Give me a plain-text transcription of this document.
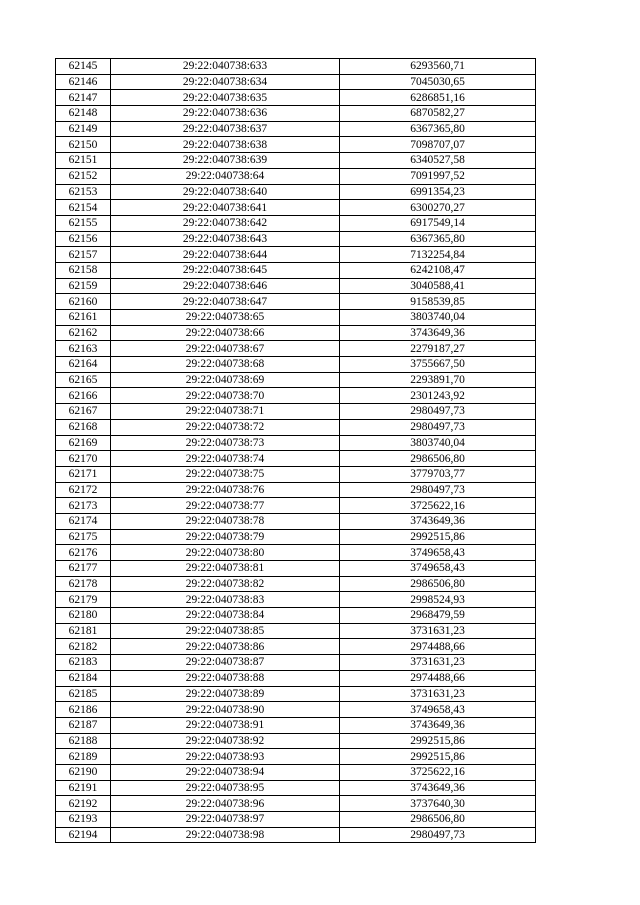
62145	29:22:040738:633	6293560,71
62146	29:22:040738:634	7045030,65
62147	29:22:040738:635	6286851,16
62148	29:22:040738:636	6870582,27
62149	29:22:040738:637	6367365,80
62150	29:22:040738:638	7098707,07
62151	29:22:040738:639	6340527,58
62152	29:22:040738:64	7091997,52
62153	29:22:040738:640	6991354,23
62154	29:22:040738:641	6300270,27
62155	29:22:040738:642	6917549,14
62156	29:22:040738:643	6367365,80
62157	29:22:040738:644	7132254,84
62158	29:22:040738:645	6242108,47
62159	29:22:040738:646	3040588,41
62160	29:22:040738:647	9158539,85
62161	29:22:040738:65	3803740,04
62162	29:22:040738:66	3743649,36
62163	29:22:040738:67	2279187,27
62164	29:22:040738:68	3755667,50
62165	29:22:040738:69	2293891,70
62166	29:22:040738:70	2301243,92
62167	29:22:040738:71	2980497,73
62168	29:22:040738:72	2980497,73
62169	29:22:040738:73	3803740,04
62170	29:22:040738:74	2986506,80
62171	29:22:040738:75	3779703,77
62172	29:22:040738:76	2980497,73
62173	29:22:040738:77	3725622,16
62174	29:22:040738:78	3743649,36
62175	29:22:040738:79	2992515,86
62176	29:22:040738:80	3749658,43
62177	29:22:040738:81	3749658,43
62178	29:22:040738:82	2986506,80
62179	29:22:040738:83	2998524,93
62180	29:22:040738:84	2968479,59
62181	29:22:040738:85	3731631,23
62182	29:22:040738:86	2974488,66
62183	29:22:040738:87	3731631,23
62184	29:22:040738:88	2974488,66
62185	29:22:040738:89	3731631,23
62186	29:22:040738:90	3749658,43
62187	29:22:040738:91	3743649,36
62188	29:22:040738:92	2992515,86
62189	29:22:040738:93	2992515,86
62190	29:22:040738:94	3725622,16
62191	29:22:040738:95	3743649,36
62192	29:22:040738:96	3737640,30
62193	29:22:040738:97	2986506,80
62194	29:22:040738:98	2980497,73
